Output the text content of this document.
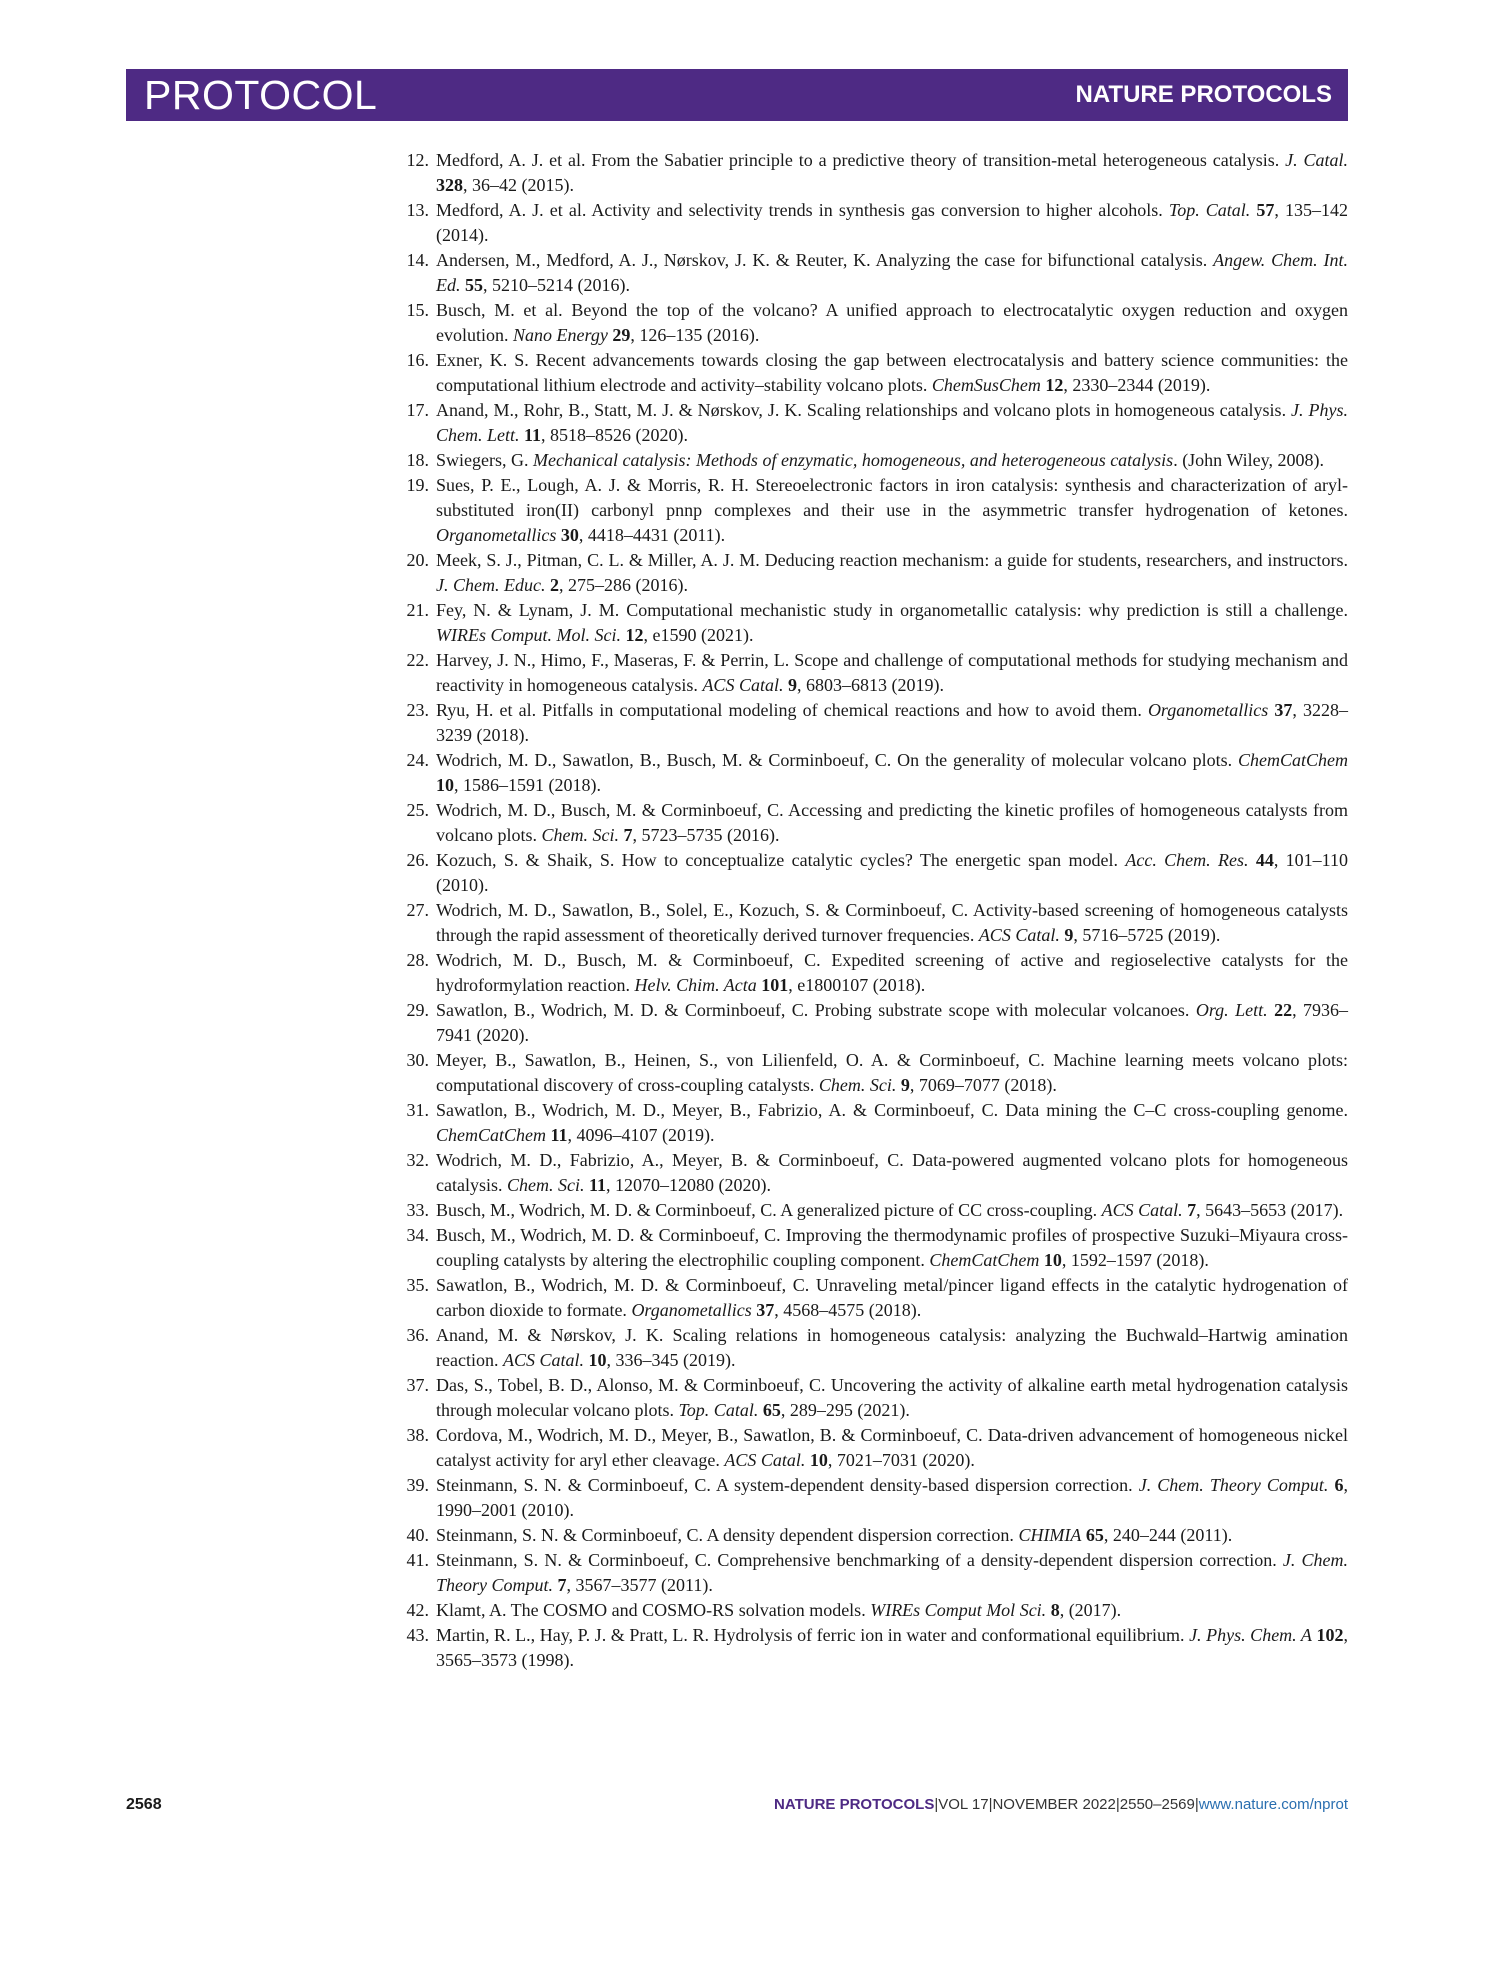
PROTOCOL	NATURE PROTOCOLS
12. Medford, A. J. et al. From the Sabatier principle to a predictive theory of transition-metal heterogeneous catalysis. J. Catal. 328, 36–42 (2015).
13. Medford, A. J. et al. Activity and selectivity trends in synthesis gas conversion to higher alcohols. Top. Catal. 57, 135–142 (2014).
14. Andersen, M., Medford, A. J., Nørskov, J. K. & Reuter, K. Analyzing the case for bifunctional catalysis. Angew. Chem. Int. Ed. 55, 5210–5214 (2016).
15. Busch, M. et al. Beyond the top of the volcano? A unified approach to electrocatalytic oxygen reduction and oxygen evolution. Nano Energy 29, 126–135 (2016).
16. Exner, K. S. Recent advancements towards closing the gap between electrocatalysis and battery science communities: the computational lithium electrode and activity–stability volcano plots. ChemSusChem 12, 2330–2344 (2019).
17. Anand, M., Rohr, B., Statt, M. J. & Nørskov, J. K. Scaling relationships and volcano plots in homogeneous catalysis. J. Phys. Chem. Lett. 11, 8518–8526 (2020).
18. Swiegers, G. Mechanical catalysis: Methods of enzymatic, homogeneous, and heterogeneous catalysis. (John Wiley, 2008).
19. Sues, P. E., Lough, A. J. & Morris, R. H. Stereoelectronic factors in iron catalysis: synthesis and characterization of aryl-substituted iron(II) carbonyl pnnp complexes and their use in the asymmetric transfer hydrogenation of ketones. Organometallics 30, 4418–4431 (2011).
20. Meek, S. J., Pitman, C. L. & Miller, A. J. M. Deducing reaction mechanism: a guide for students, researchers, and instructors. J. Chem. Educ. 2, 275–286 (2016).
21. Fey, N. & Lynam, J. M. Computational mechanistic study in organometallic catalysis: why prediction is still a challenge. WIREs Comput. Mol. Sci. 12, e1590 (2021).
22. Harvey, J. N., Himo, F., Maseras, F. & Perrin, L. Scope and challenge of computational methods for studying mechanism and reactivity in homogeneous catalysis. ACS Catal. 9, 6803–6813 (2019).
23. Ryu, H. et al. Pitfalls in computational modeling of chemical reactions and how to avoid them. Organometallics 37, 3228–3239 (2018).
24. Wodrich, M. D., Sawatlon, B., Busch, M. & Corminboeuf, C. On the generality of molecular volcano plots. ChemCatChem 10, 1586–1591 (2018).
25. Wodrich, M. D., Busch, M. & Corminboeuf, C. Accessing and predicting the kinetic profiles of homogeneous catalysts from volcano plots. Chem. Sci. 7, 5723–5735 (2016).
26. Kozuch, S. & Shaik, S. How to conceptualize catalytic cycles? The energetic span model. Acc. Chem. Res. 44, 101–110 (2010).
27. Wodrich, M. D., Sawatlon, B., Solel, E., Kozuch, S. & Corminboeuf, C. Activity-based screening of homogeneous catalysts through the rapid assessment of theoretically derived turnover frequencies. ACS Catal. 9, 5716–5725 (2019).
28. Wodrich, M. D., Busch, M. & Corminboeuf, C. Expedited screening of active and regioselective catalysts for the hydroformylation reaction. Helv. Chim. Acta 101, e1800107 (2018).
29. Sawatlon, B., Wodrich, M. D. & Corminboeuf, C. Probing substrate scope with molecular volcanoes. Org. Lett. 22, 7936–7941 (2020).
30. Meyer, B., Sawatlon, B., Heinen, S., von Lilienfeld, O. A. & Corminboeuf, C. Machine learning meets volcano plots: computational discovery of cross-coupling catalysts. Chem. Sci. 9, 7069–7077 (2018).
31. Sawatlon, B., Wodrich, M. D., Meyer, B., Fabrizio, A. & Corminboeuf, C. Data mining the C–C cross-coupling genome. ChemCatChem 11, 4096–4107 (2019).
32. Wodrich, M. D., Fabrizio, A., Meyer, B. & Corminboeuf, C. Data-powered augmented volcano plots for homogeneous catalysis. Chem. Sci. 11, 12070–12080 (2020).
33. Busch, M., Wodrich, M. D. & Corminboeuf, C. A generalized picture of CC cross-coupling. ACS Catal. 7, 5643–5653 (2017).
34. Busch, M., Wodrich, M. D. & Corminboeuf, C. Improving the thermodynamic profiles of prospective Suzuki–Miyaura cross-coupling catalysts by altering the electrophilic coupling component. ChemCatChem 10, 1592–1597 (2018).
35. Sawatlon, B., Wodrich, M. D. & Corminboeuf, C. Unraveling metal/pincer ligand effects in the catalytic hydrogenation of carbon dioxide to formate. Organometallics 37, 4568–4575 (2018).
36. Anand, M. & Nørskov, J. K. Scaling relations in homogeneous catalysis: analyzing the Buchwald–Hartwig amination reaction. ACS Catal. 10, 336–345 (2019).
37. Das, S., Tobel, B. D., Alonso, M. & Corminboeuf, C. Uncovering the activity of alkaline earth metal hydrogenation catalysis through molecular volcano plots. Top. Catal. 65, 289–295 (2021).
38. Cordova, M., Wodrich, M. D., Meyer, B., Sawatlon, B. & Corminboeuf, C. Data-driven advancement of homogeneous nickel catalyst activity for aryl ether cleavage. ACS Catal. 10, 7021–7031 (2020).
39. Steinmann, S. N. & Corminboeuf, C. A system-dependent density-based dispersion correction. J. Chem. Theory Comput. 6, 1990–2001 (2010).
40. Steinmann, S. N. & Corminboeuf, C. A density dependent dispersion correction. CHIMIA 65, 240–244 (2011).
41. Steinmann, S. N. & Corminboeuf, C. Comprehensive benchmarking of a density-dependent dispersion correction. J. Chem. Theory Comput. 7, 3567–3577 (2011).
42. Klamt, A. The COSMO and COSMO-RS solvation models. WIREs Comput Mol Sci. 8, (2017).
43. Martin, R. L., Hay, P. J. & Pratt, L. R. Hydrolysis of ferric ion in water and conformational equilibrium. J. Phys. Chem. A 102, 3565–3573 (1998).
2568	NATURE PROTOCOLS|VOL 17|NOVEMBER 2022|2550–2569|www.nature.com/nprot
